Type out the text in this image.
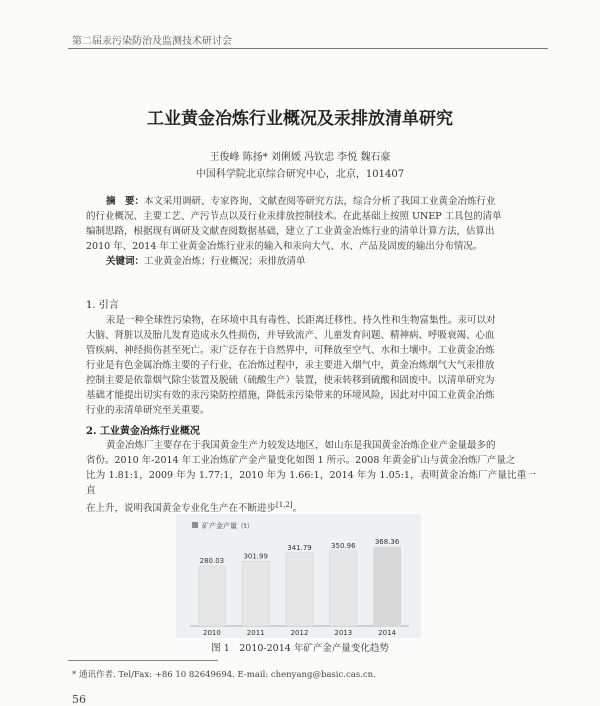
第二届汞污染防治及监测技术研讨会
工业黄金冶炼行业概况及汞排放清单研究
王俊峰 陈扬* 刘俐媛 冯钦忠 李悦 魏石豪
中国科学院北京综合研究中心，北京，101407
摘　要：本文采用调研、专家咨询、文献查阅等研究方法，综合分析了我国工业黄金冶炼行业
的行业概况、主要工艺、产污节点以及行业汞排放控制技术。在此基础上按照 UNEP 工具包的清单
编制思路，根据现有调研及文献查阅数据基础，建立了工业黄金冶炼行业的清单计算方法，估算出
2010 年、2014 年工业黄金冶炼行业汞的输入和汞向大气、水、产品及固废的输出分布情况。
关键词：工业黄金冶炼；行业概况；汞排放清单
1. 引言
汞是一种全球性污染物，在环境中具有毒性、长距离迁移性、持久性和生物富集性。汞可以对
大脑、肾脏以及胎儿发育造成永久性损伤，并导致流产、儿童发育问题、精神病、呼吸衰竭、心血
管疾病、神经损伤甚至死亡。汞广泛存在于自然界中，可释放至空气、水和土壤中。工业黄金冶炼
行业是有色金属冶炼主要的子行业，在冶炼过程中，汞主要进入烟气中，黄金冶炼烟气大气汞排放
控制主要是依靠烟气除尘装置及脱硫（硫酸生产）装置，使汞转移到硫酸和固废中。以清单研究为
基础才能提出切实有效的汞污染防控措施，降低汞污染带来的环境风险，因此对中国工业黄金冶炼
行业的汞清单研究至关重要。
2. 工业黄金冶炼行业概况
黄金冶炼厂主要存在于我国黄金生产力较发达地区，如山东是我国黄金冶炼企业产金量最多的
省份。2010 年-2014 年工业冶炼矿产金产量变化如图 1 所示。2008 年黄金矿山与黄金冶炼厂产量之
比为 1.81:1，2009 年为 1.77:1，2010 年为 1.66:1，2014 年为 1.05:1，表明黄金冶炼厂产量比重一直
在上升，说明我国黄金专业化生产在不断进步[1,2]。
矿产金产量（t）
280.03
2010
301.99
2011
341.79
2012
350.96
2013
368.36
2014
图 1　2010-2014 年矿产金产量变化趋势
* 通讯作者. Tel/Fax: +86 10 82649694. E-mail: chenyang@basic.cas.cn.
56
